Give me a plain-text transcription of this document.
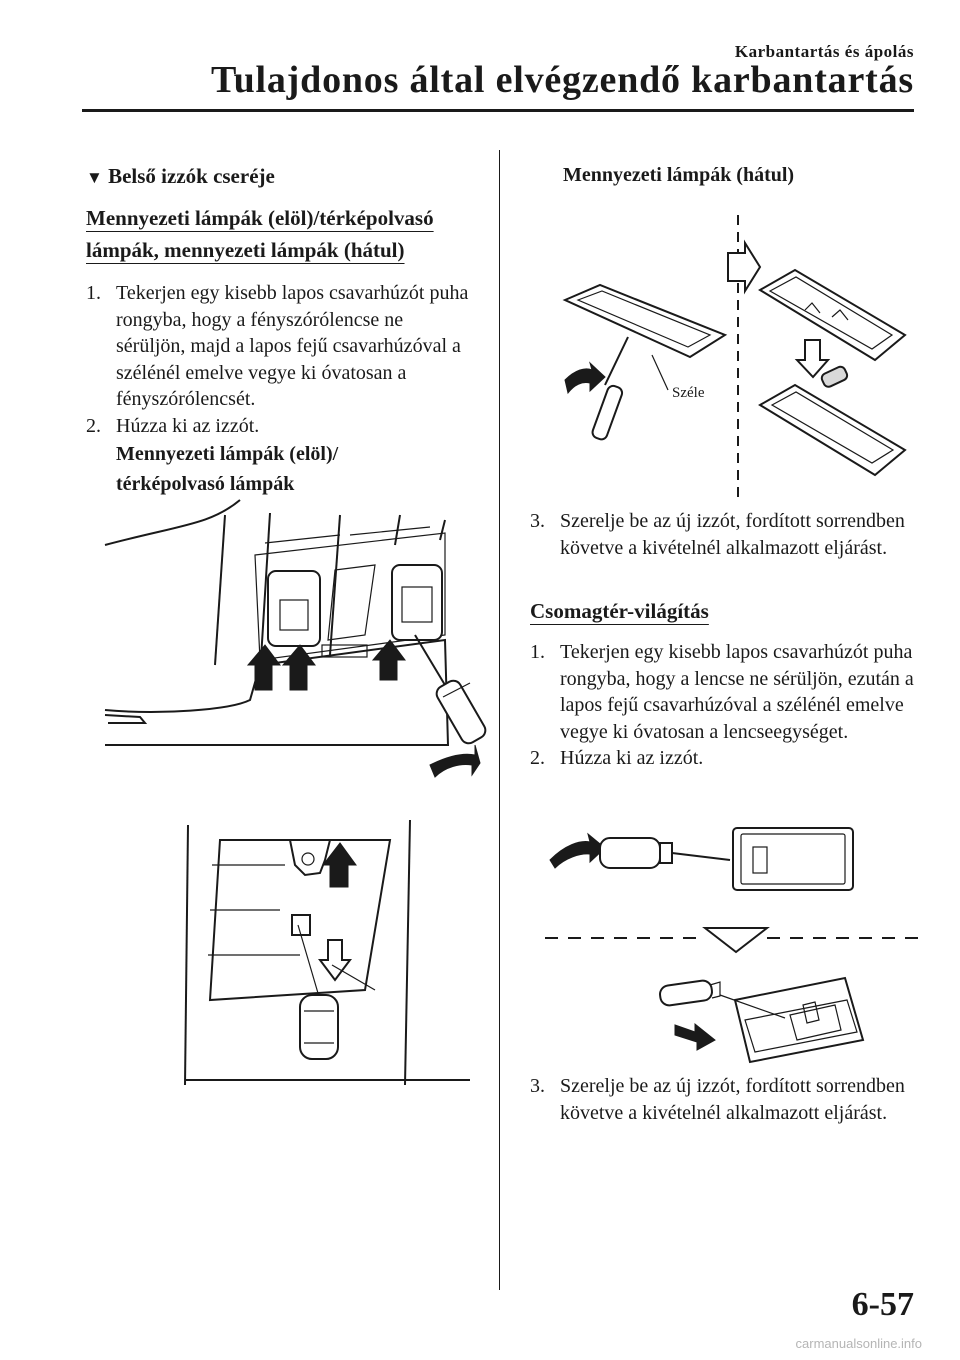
Karbantartás és ápolás
Tulajdonos által elvégzendő karbantartás
▼ Belső izzók cseréje
Mennyezeti lámpák (elöl)/térképolvasó lámpák, mennyezeti lámpák (hátul)
1. Tekerjen egy kisebb lapos csavarhúzót puha rongyba, hogy a fényszórólencse ne sérüljön, majd a lapos fejű csavarhúzóval a szélénél emelve vegye ki óvatosan a fényszórólencsét.
2. Húzza ki az izzót.
Mennyezeti lámpák (elöl)/ térképolvasó lámpák
Mennyezeti lámpák (hátul)
Széle
3. Szerelje be az új izzót, fordított sorrendben követve a kivételnél alkalmazott eljárást.
Csomagtér-világítás
1. Tekerjen egy kisebb lapos csavarhúzót puha rongyba, hogy a lencse ne sérüljön, ezután a lapos fejű csavarhúzóval a szélénél emelve vegye ki óvatosan a lencseegységet.
2. Húzza ki az izzót.
3. Szerelje be az új izzót, fordított sorrendben követve a kivételnél alkalmazott eljárást.
6-57
carmanualsonline.info
